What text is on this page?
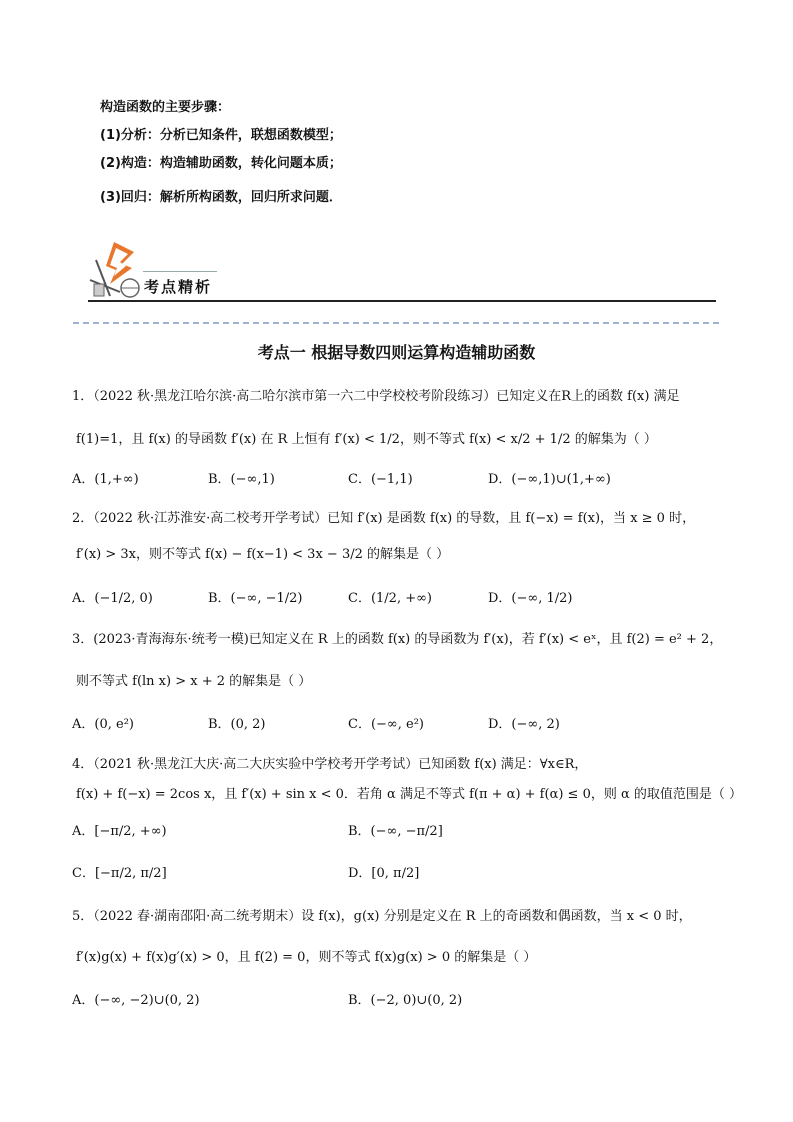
构造函数的主要步骤：
(1)分析：分析已知条件，联想函数模型；
(2)构造：构造辅助函数，转化问题本质；
(3)回归：解析所构函数，回归所求问题．
考点精析
考点一 根据导数四则运算构造辅助函数
1．（2022 秋·黑龙江哈尔滨·高二哈尔滨市第一六二中学校校考阶段练习）已知定义在R上的函数 f(x) 满足
f(1)=1，且 f(x) 的导函数 f′(x) 在 R 上恒有 f′(x) < 1/2，则不等式 f(x) < x/2 + 1/2 的解集为（ ）
A．(1,+∞)	B．(−∞,1)	C．(−1,1)	D．(−∞,1)∪(1,+∞)
2．（2022 秋·江苏淮安·高二校考开学考试）已知 f′(x) 是函数 f(x) 的导数，且 f(−x) = f(x)，当 x ≥ 0 时，
f′(x) > 3x，则不等式 f(x) − f(x−1) < 3x − 3/2 的解集是（ ）
A．(−1/2, 0)	B．(−∞, −1/2)	C．(1/2, +∞)	D．(−∞, 1/2)
3．(2023·青海海东·统考一模)已知定义在 R 上的函数 f(x) 的导函数为 f′(x)，若 f′(x) < eˣ，且 f(2) = e² + 2，
则不等式 f(ln x) > x + 2 的解集是（ ）
A．(0, e²)	B．(0, 2)	C．(−∞, e²)	D．(−∞, 2)
4．（2021 秋·黑龙江大庆·高二大庆实验中学校考开学考试）已知函数 f(x) 满足：∀x∈R，
f(x) + f(−x) = 2cos x，且 f′(x) + sin x < 0．若角 α 满足不等式 f(π + α) + f(α) ≤ 0，则 α 的取值范围是（ ）
A．[−π/2, +∞)	B．(−∞, −π/2]
C．[−π/2, π/2]	D．[0, π/2]
5．（2022 春·湖南邵阳·高二统考期末）设 f(x)，g(x) 分别是定义在 R 上的奇函数和偶函数，当 x < 0 时，
f′(x)g(x) + f(x)g′(x) > 0，且 f(2) = 0，则不等式 f(x)g(x) > 0 的解集是（ ）
A．(−∞, −2)∪(0, 2)	B．(−2, 0)∪(0, 2)
